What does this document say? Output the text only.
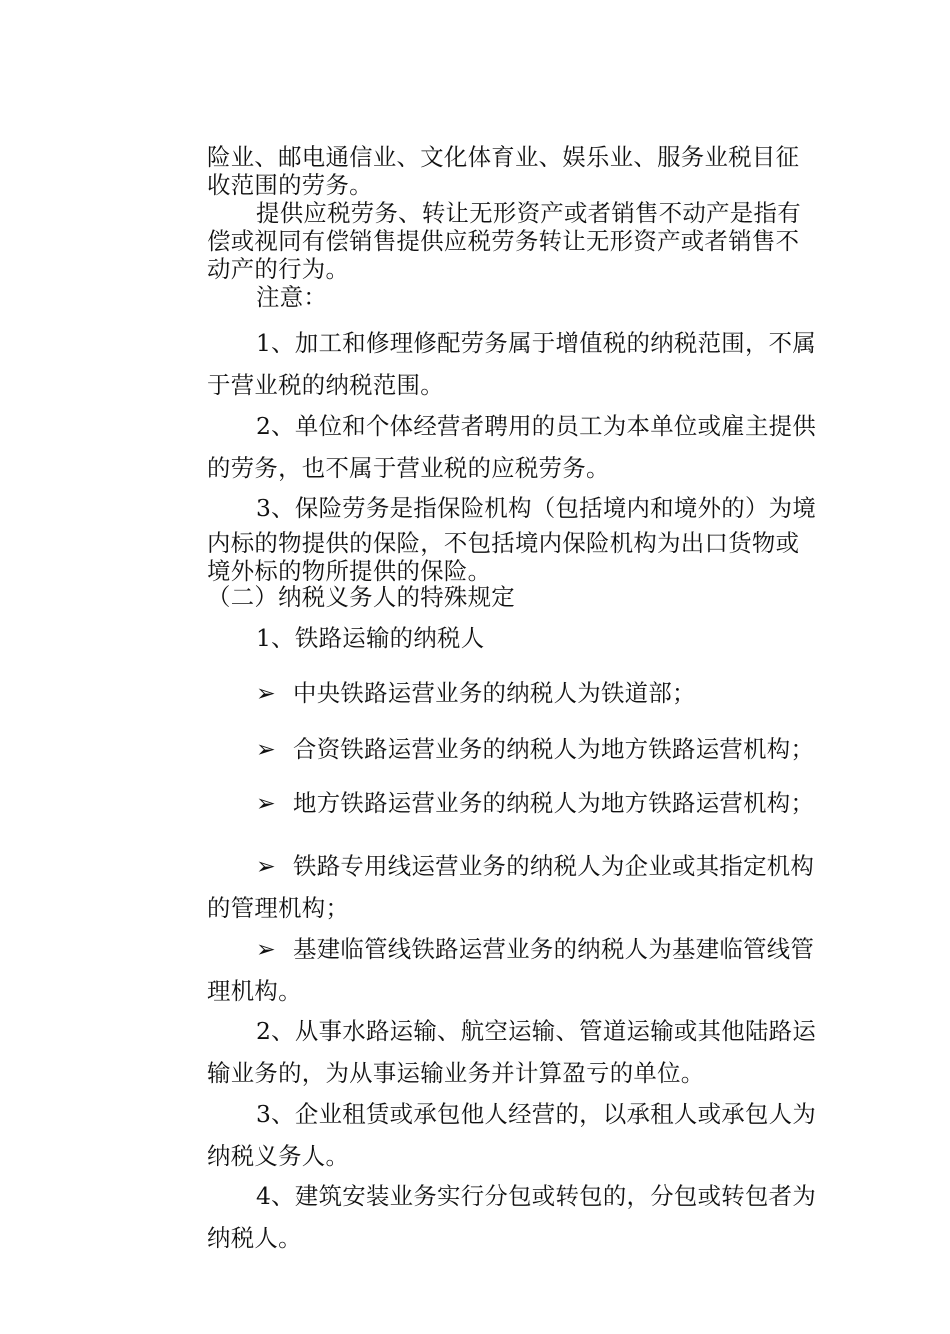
险业、邮电通信业、文化体育业、娱乐业、服务业税目征
收范围的劳务。
提供应税劳务、转让无形资产或者销售不动产是指有
偿或视同有偿销售提供应税劳务转让无形资产或者销售不
动产的行为。
注意：
1、加工和修理修配劳务属于增值税的纳税范围，不属
于营业税的纳税范围。
2、单位和个体经营者聘用的员工为本单位或雇主提供
的劳务，也不属于营业税的应税劳务。
3、保险劳务是指保险机构（包括境内和境外的）为境
内标的物提供的保险，不包括境内保险机构为出口货物或
境外标的物所提供的保险。
（二）纳税义务人的特殊规定
1、铁路运输的纳税人
➢ 中央铁路运营业务的纳税人为铁道部；
➢ 合资铁路运营业务的纳税人为地方铁路运营机构；
➢ 地方铁路运营业务的纳税人为地方铁路运营机构；
➢ 铁路专用线运营业务的纳税人为企业或其指定机构
的管理机构；
➢ 基建临管线铁路运营业务的纳税人为基建临管线管
理机构。
2、从事水路运输、航空运输、管道运输或其他陆路运
输业务的，为从事运输业务并计算盈亏的单位。
3、企业租赁或承包他人经营的，以承租人或承包人为
纳税义务人。
4、建筑安装业务实行分包或转包的，分包或转包者为
纳税人。
